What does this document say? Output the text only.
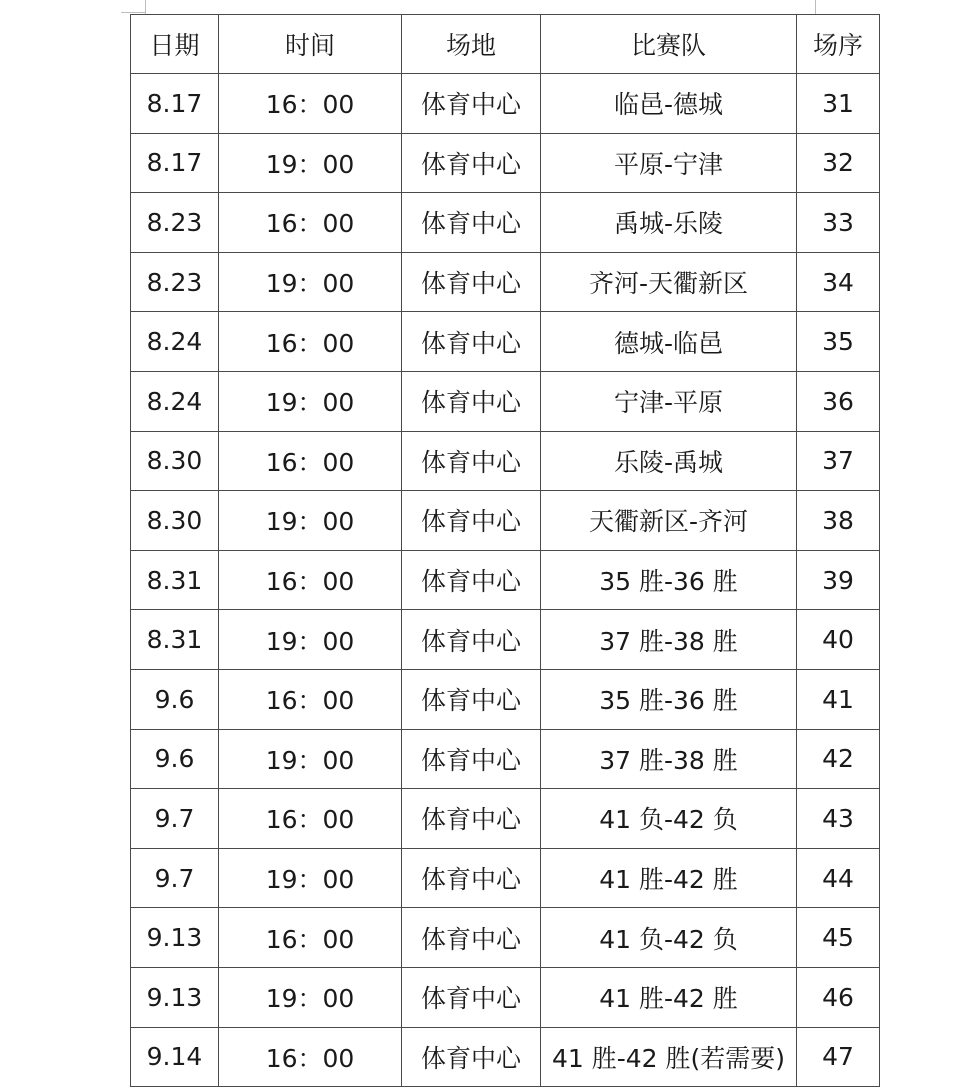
日期	时间	场地	比赛队	场序
8.17	16：00	体育中心	临邑-德城	31
8.17	19：00	体育中心	平原-宁津	32
8.23	16：00	体育中心	禹城-乐陵	33
8.23	19：00	体育中心	齐河-天衢新区	34
8.24	16：00	体育中心	德城-临邑	35
8.24	19：00	体育中心	宁津-平原	36
8.30	16：00	体育中心	乐陵-禹城	37
8.30	19：00	体育中心	天衢新区-齐河	38
8.31	16：00	体育中心	35 胜-36 胜	39
8.31	19：00	体育中心	37 胜-38 胜	40
9.6	16：00	体育中心	35 胜-36 胜	41
9.6	19：00	体育中心	37 胜-38 胜	42
9.7	16：00	体育中心	41 负-42 负	43
9.7	19：00	体育中心	41 胜-42 胜	44
9.13	16：00	体育中心	41 负-42 负	45
9.13	19：00	体育中心	41 胜-42 胜	46
9.14	16：00	体育中心	41 胜-42 胜(若需要)	47
